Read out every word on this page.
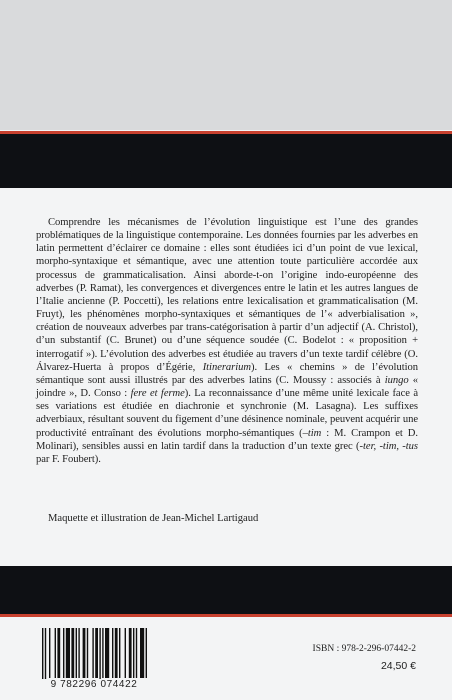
Comprendre les mécanismes de l’évolution linguistique est l’une des grandes problématiques de la linguistique contemporaine. Les données fournies par les adverbes en latin permettent d’éclairer ce domaine : elles sont étudiées ici d’un point de vue lexical, morpho-syntaxique et sémantique, avec une attention toute particulière accordée aux processus de grammaticalisation. Ainsi aborde-t-on l’origine indo-européenne des adverbes (P. Ramat), les convergences et divergences entre le latin et les autres langues de l’Italie ancienne (P. Poccetti), les relations entre lexicalisation et grammaticalisation (M. Fruyt), les phénomènes morpho-syntaxiques et sémantiques de l’« adverbialisation », création de nouveaux adverbes par trans-catégorisation à partir d’un adjectif (A. Christol), d’un substantif (C. Brunet) ou d’une séquence soudée (C. Bodelot : « proposition + interrogatif »). L’évolution des adverbes est étudiée au travers d’un texte tardif célèbre (O. Álvarez-Huerta à propos d’Égérie, Itinerarium). Les « chemins » de l’évolution sémantique sont aussi illustrés par des adverbes latins (C. Moussy : associés à iungo « joindre », D. Conso : fere et ferme). La reconnaissance d’une même unité lexicale face à ses variations est étudiée en diachronie et synchronie (M. Lasagna). Les suffixes adverbiaux, résultant souvent du figement d’une désinence nominale, peuvent acquérir une productivité entraînant des évolutions morpho-sémantiques (–tim : M. Crampon et D. Molinari), sensibles aussi en latin tardif dans la traduction d’un texte grec (-ter, -tim, -tus par F. Foubert).

Maquette et illustration de Jean-Michel Lartigaud

9 782296 074422
ISBN : 978-2-296-07442-2
24,50 €
